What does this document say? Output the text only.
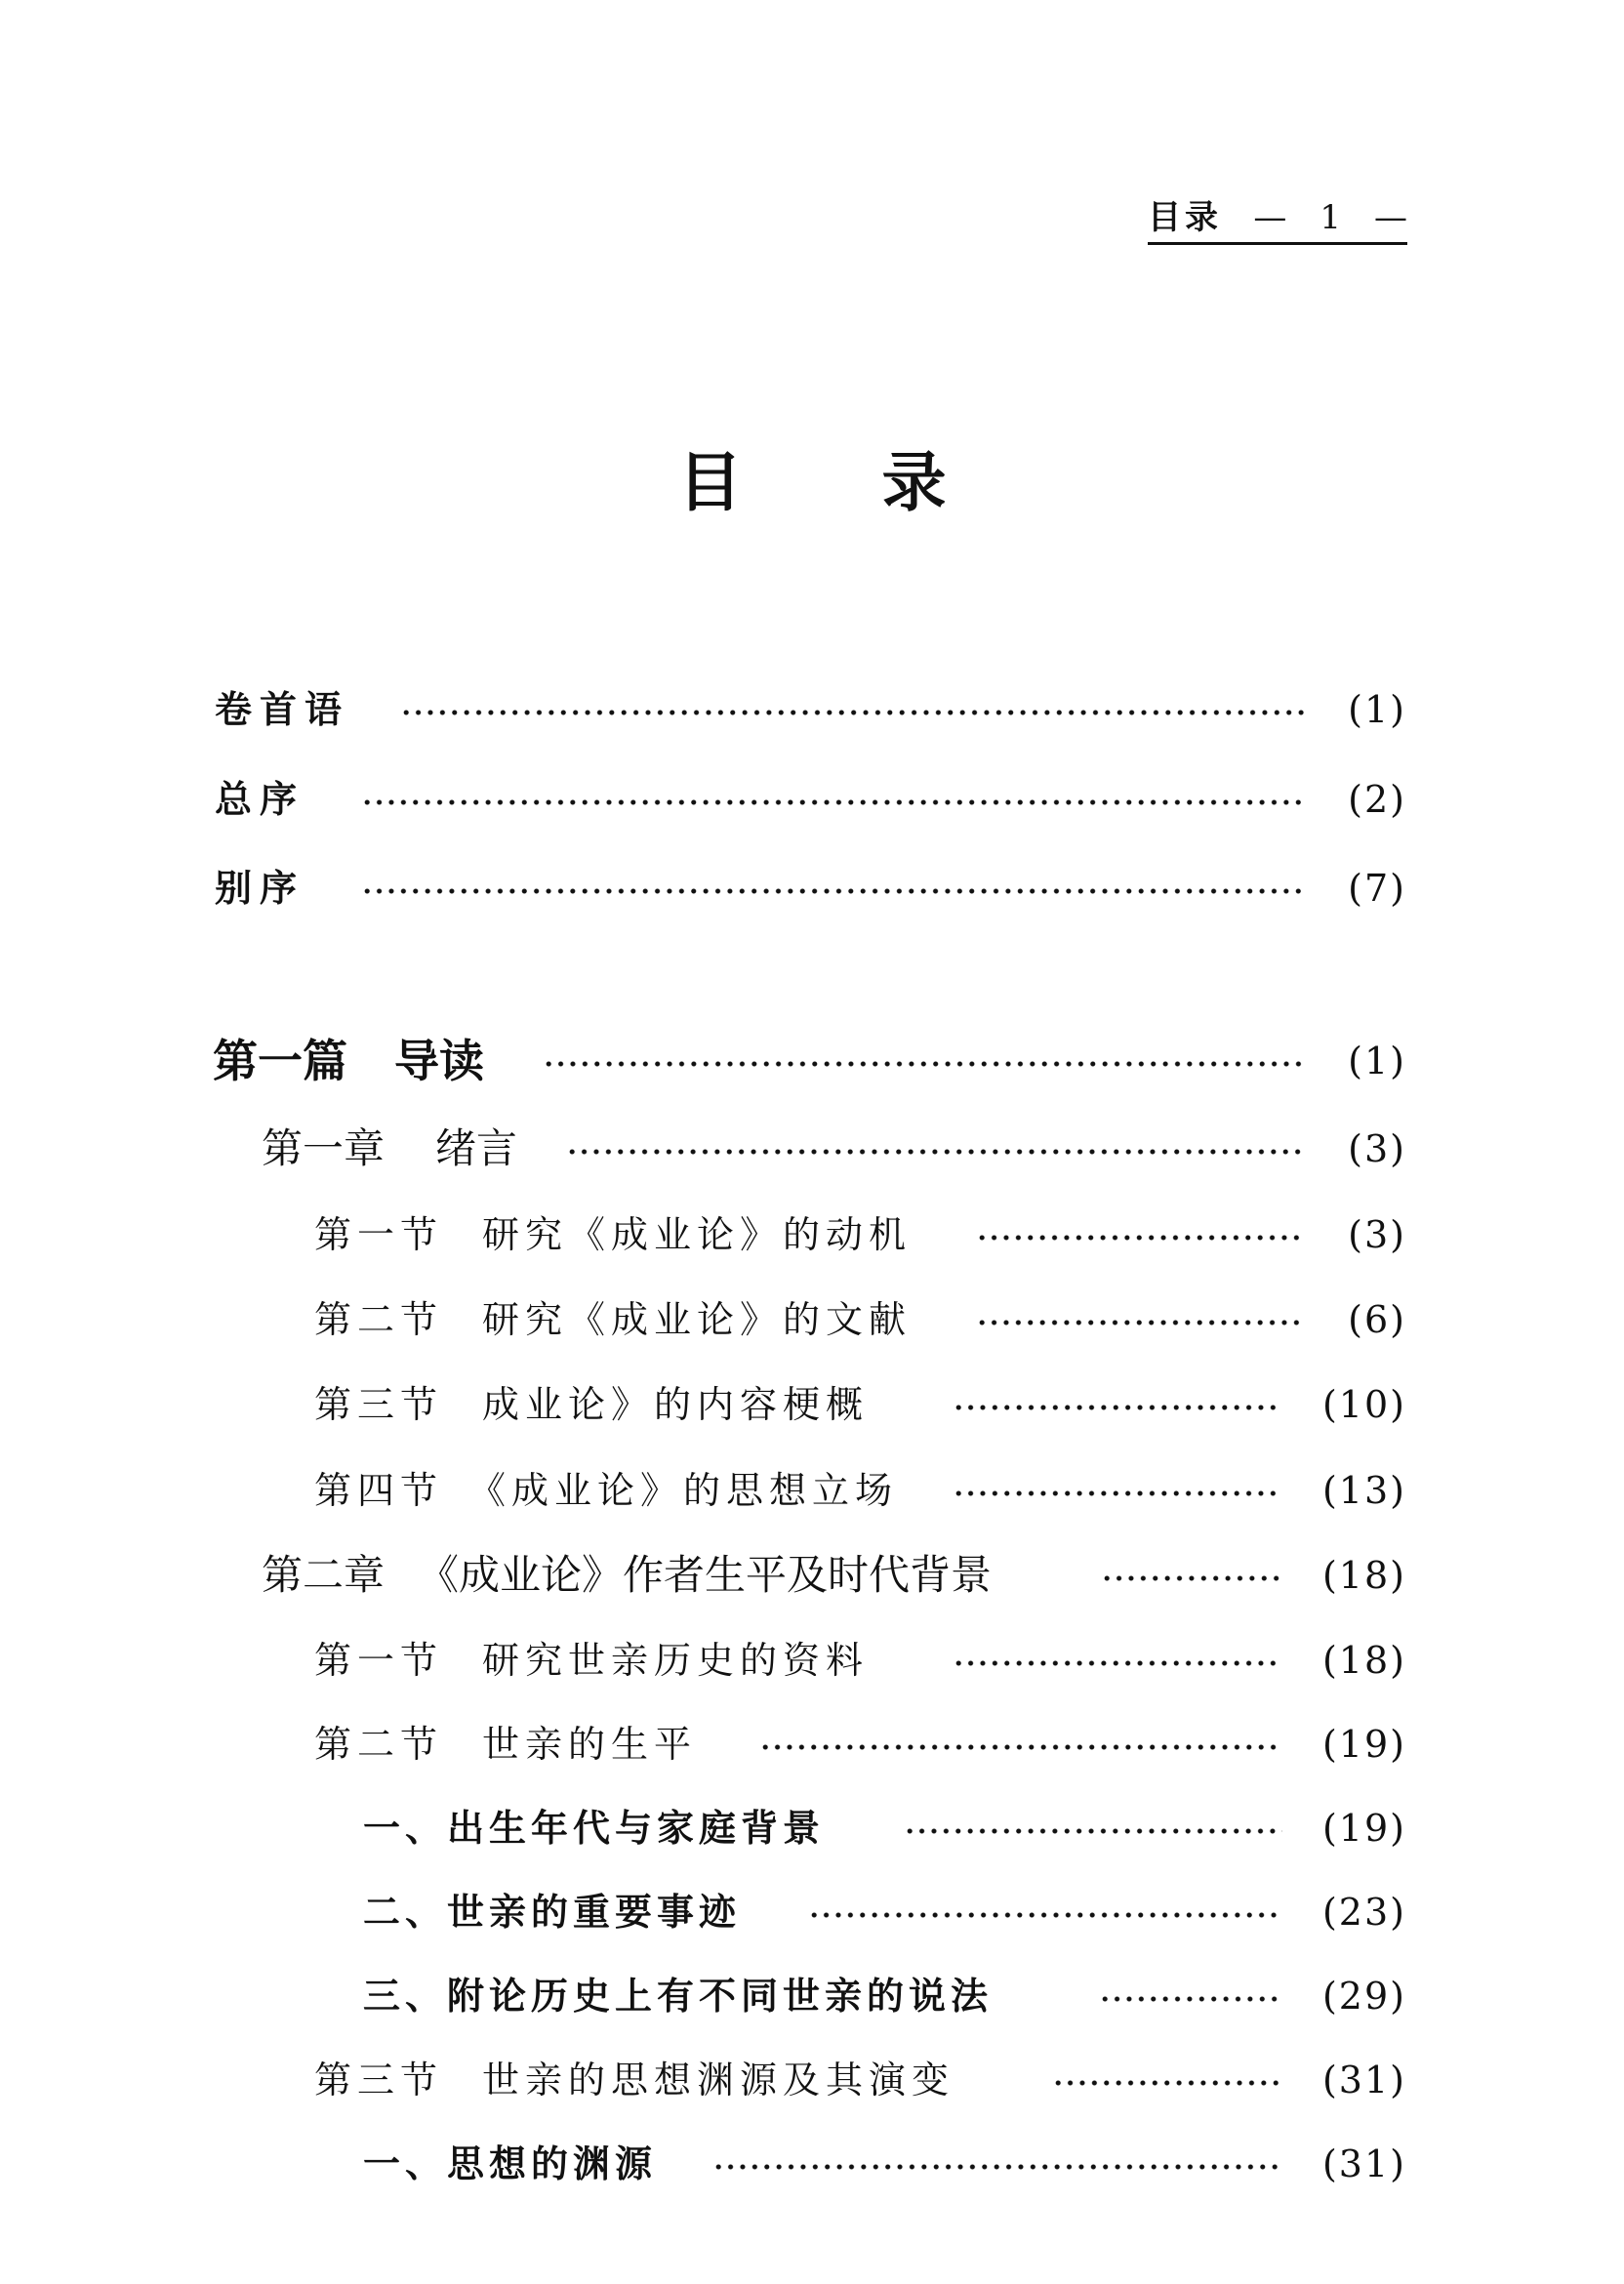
目录 — 1 —
目 录
卷首语	(1)
总序	(2)
别序	(7)
第一篇 导读	(1)
第一章 绪言	(3)
第一节 研究《成业论》的动机	(3)
第二节 研究《成业论》的文献	(6)
第三节 成业论》的内容梗概	(10)
第四节 《成业论》的思想立场	(13)
第二章 《成业论》作者生平及时代背景	(18)
第一节 研究世亲历史的资料	(18)
第二节 世亲的生平	(19)
一、出生年代与家庭背景	(19)
二、世亲的重要事迹	(23)
三、附论历史上有不同世亲的说法	(29)
第三节 世亲的思想渊源及其演变	(31)
一、思想的渊源	(31)
